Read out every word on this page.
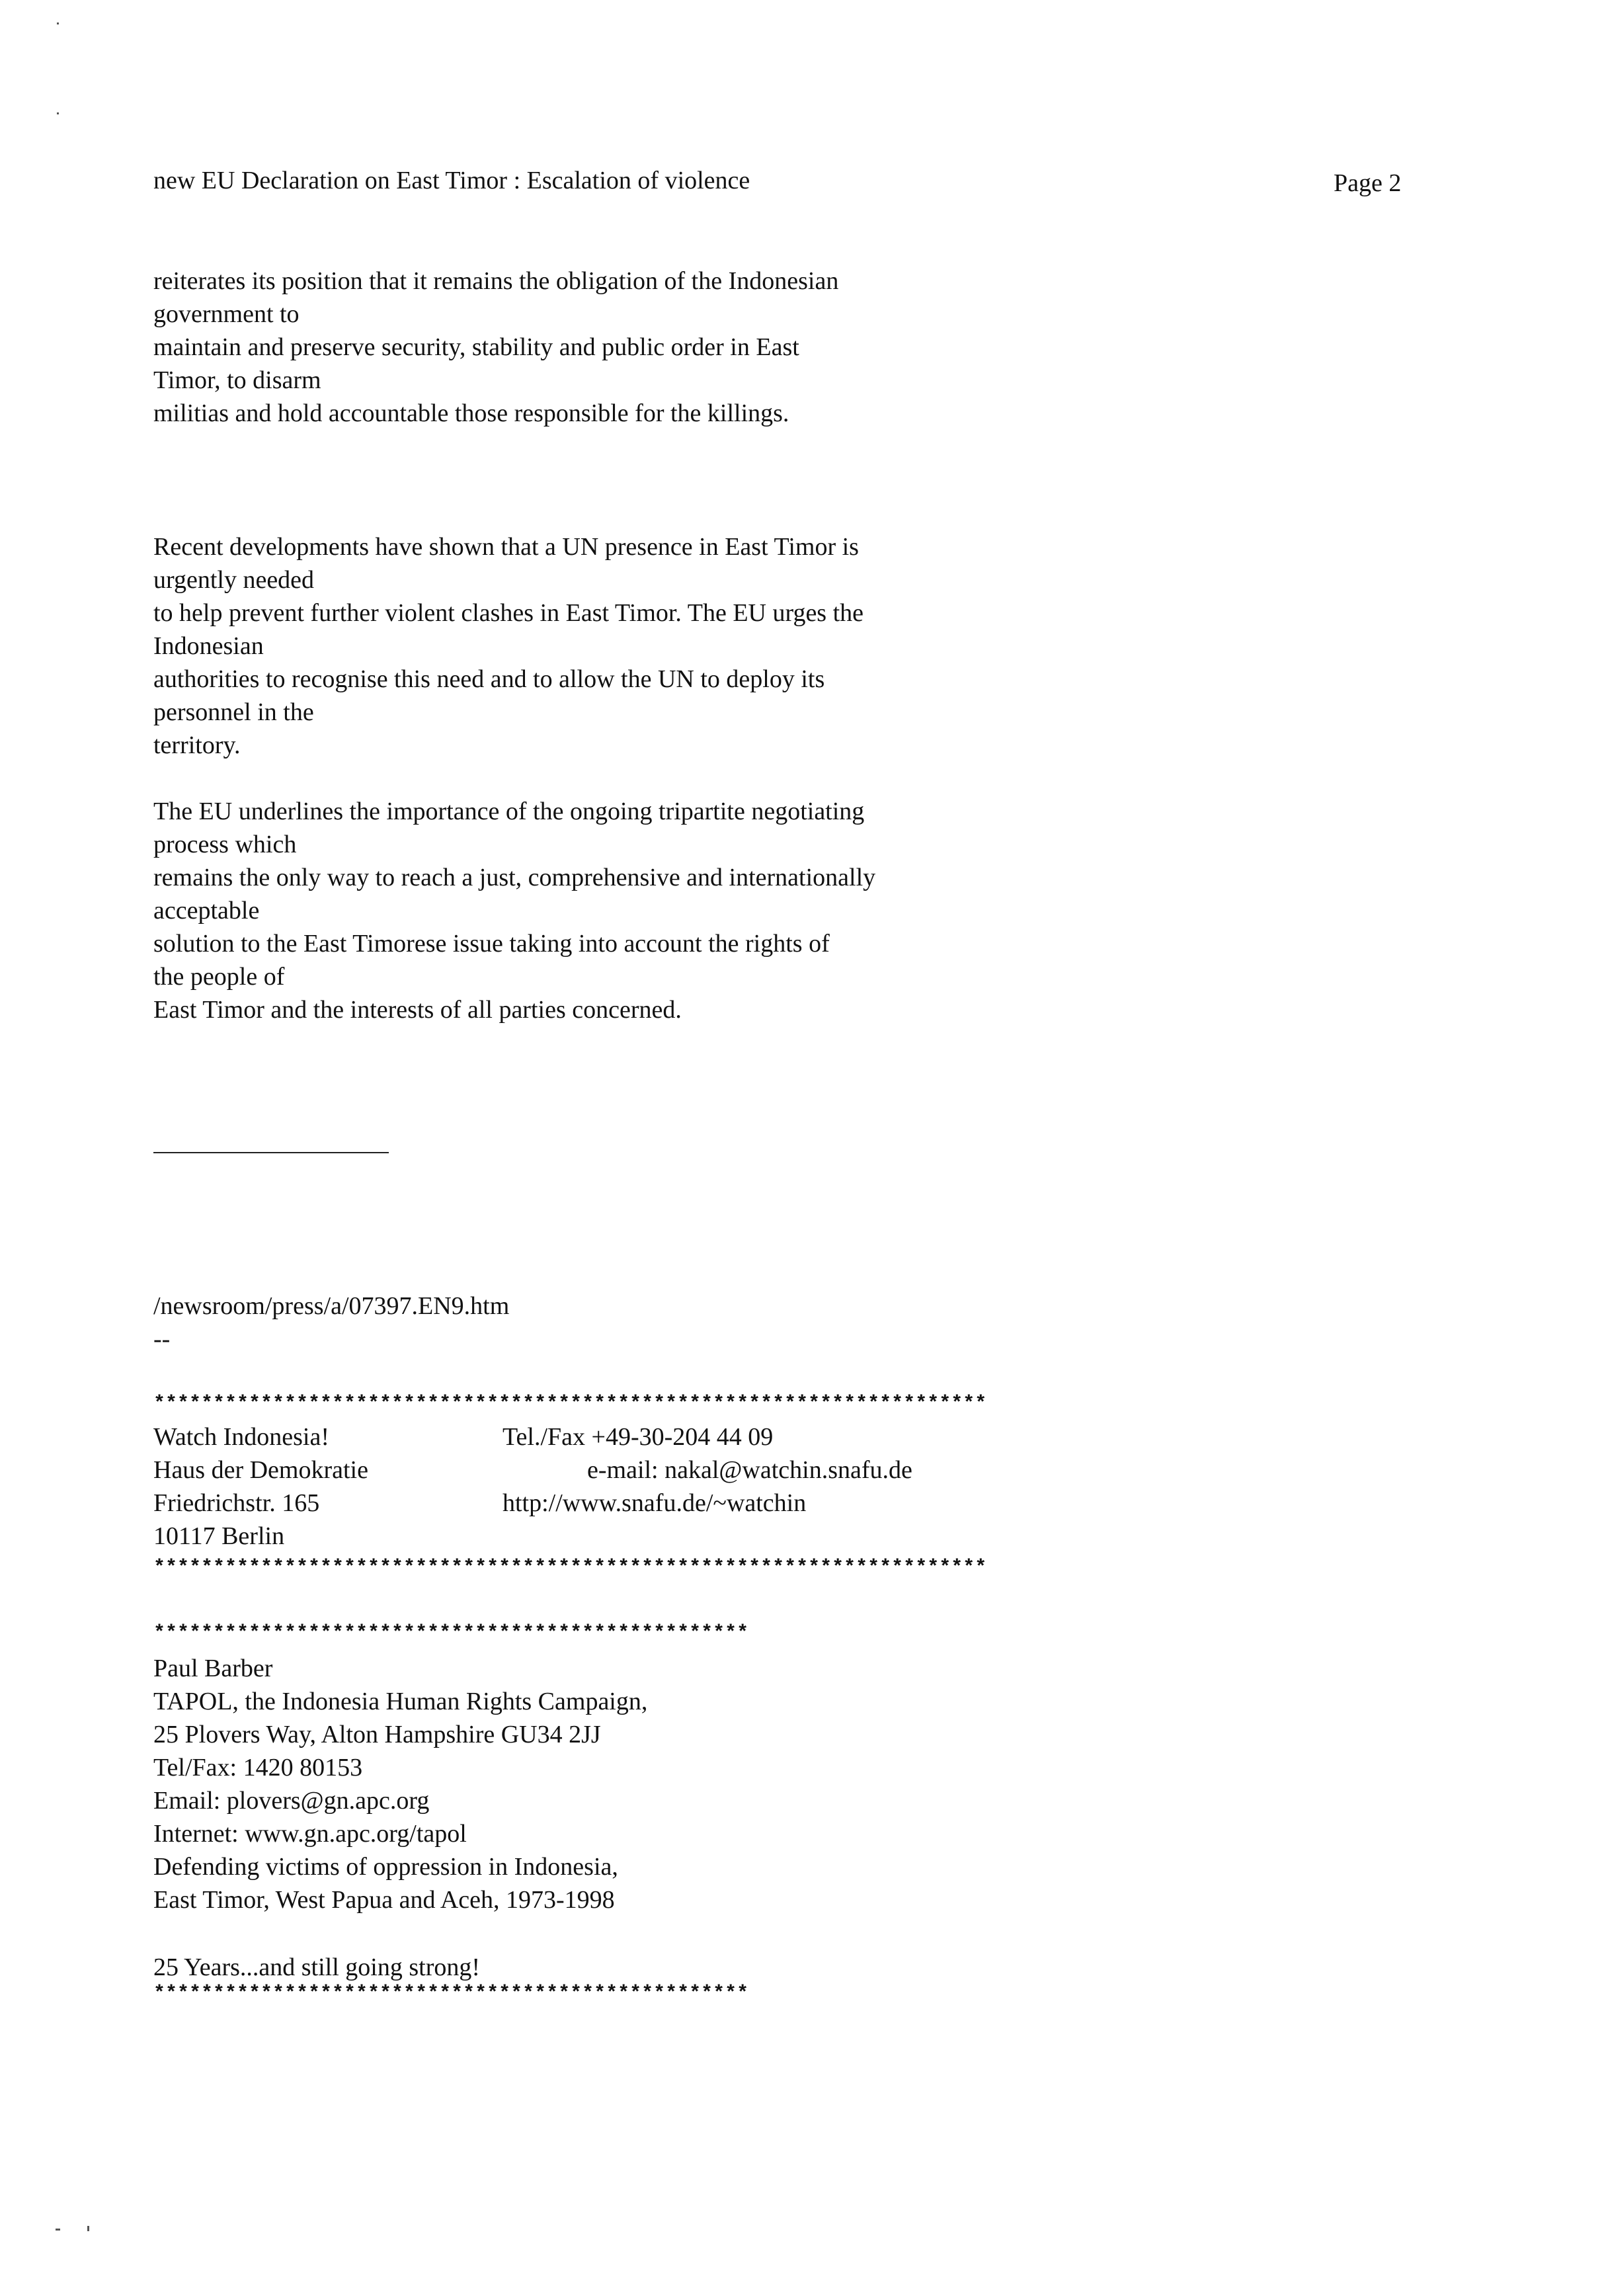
new EU Declaration on East Timor : Escalation of violence	Page 2
reiterates its position that it remains the obligation of the Indonesian
government to
maintain and preserve security, stability and public order in East
Timor, to disarm
militias and hold accountable those responsible for the killings.
Recent developments have shown that a UN presence in East Timor is
urgently needed
to help prevent further violent clashes in East Timor. The EU urges the
Indonesian
authorities to recognise this need and to allow the UN to deploy its
personnel in the
territory.
The EU underlines the importance of the ongoing tripartite negotiating
process which
remains the only way to reach a just, comprehensive and internationally
acceptable
solution to the East Timorese issue taking into account the rights of
the people of
East Timor and the interests of all parties concerned.
/newsroom/press/a/07397.EN9.htm
--
**********************************************************************
Watch Indonesia!
Haus der Demokratie
Friedrichstr. 165
10117 Berlin
Tel./Fax +49-30-204 44 09
e-mail: nakal@watchin.snafu.de
http://www.snafu.de/~watchin
**********************************************************************
**************************************************
Paul Barber
TAPOL, the Indonesia Human Rights Campaign,
25 Plovers Way, Alton Hampshire GU34 2JJ
Tel/Fax: 1420 80153
Email: plovers@gn.apc.org
Internet: www.gn.apc.org/tapol
Defending victims of oppression in Indonesia,
East Timor, West Papua and Aceh, 1973-1998
25 Years...and still going strong!
**************************************************
